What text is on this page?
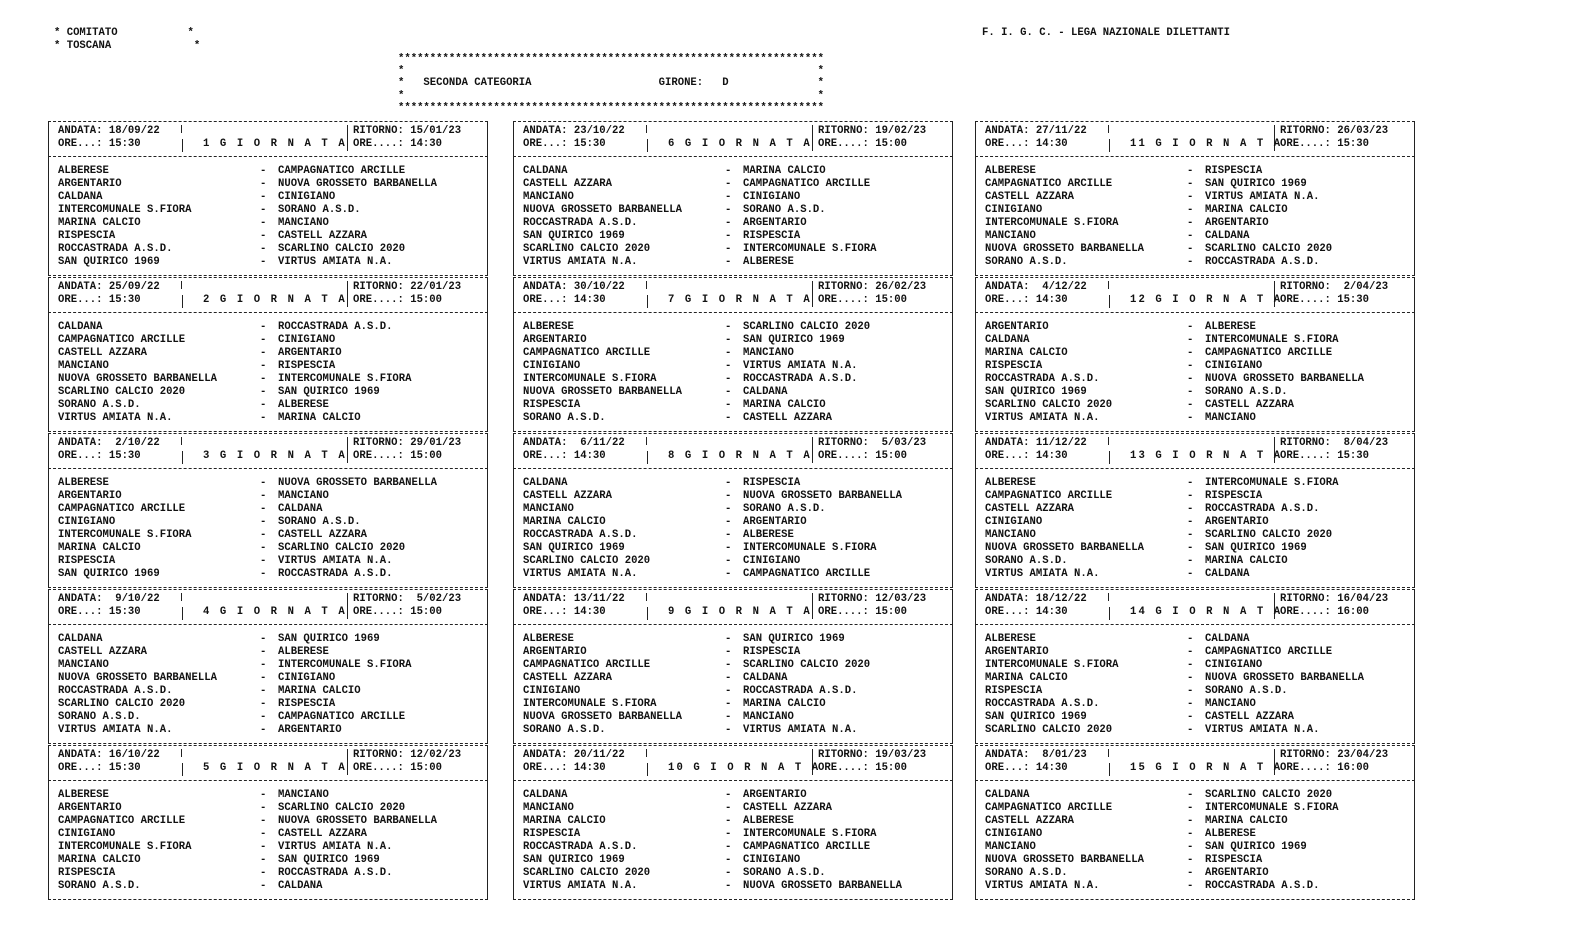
* COMITATO           *
* TOSCANA             *
F. I. G. C. - LEGA NAZIONALE DILETTANTI
*******************************************************************
*                                                                 *
*   SECONDA CATEGORIA                    GIRONE:   D              *
*                                                                 *
*******************************************************************
ANDATA: 18/09/22
ORE...: 15:30	1 G I O R N A T A
RITORNO: 15/01/23
ORE....: 14:30
ALBERESE	- CAMPAGNATICO ARCILLE
ARGENTARIO	- NUOVA GROSSETO BARBANELLA
CALDANA	- CINIGIANO
INTERCOMUNALE S.FIORA	- SORANO A.S.D.
MARINA CALCIO	- MANCIANO
RISPESCIA	- CASTELL AZZARA
ROCCASTRADA A.S.D.	- SCARLINO CALCIO 2020
SAN QUIRICO 1969	- VIRTUS AMIATA N.A.
ANDATA: 25/09/22
ORE...: 15:30	2 G I O R N A T A
RITORNO: 22/01/23
ORE....: 15:00
CALDANA	- ROCCASTRADA A.S.D.
CAMPAGNATICO ARCILLE	- CINIGIANO
CASTELL AZZARA	- ARGENTARIO
MANCIANO	- RISPESCIA
NUOVA GROSSETO BARBANELLA	- INTERCOMUNALE S.FIORA
SCARLINO CALCIO 2020	- SAN QUIRICO 1969
SORANO A.S.D.	- ALBERESE
VIRTUS AMIATA N.A.	- MARINA CALCIO
ANDATA:  2/10/22
ORE...: 15:30	3 G I O R N A T A
RITORNO: 29/01/23
ORE....: 15:00
ALBERESE	- NUOVA GROSSETO BARBANELLA
ARGENTARIO	- MANCIANO
CAMPAGNATICO ARCILLE	- CALDANA
CINIGIANO	- SORANO A.S.D.
INTERCOMUNALE S.FIORA	- CASTELL AZZARA
MARINA CALCIO	- SCARLINO CALCIO 2020
RISPESCIA	- VIRTUS AMIATA N.A.
SAN QUIRICO 1969	- ROCCASTRADA A.S.D.
ANDATA:  9/10/22
ORE...: 15:30	4 G I O R N A T A
RITORNO:  5/02/23
ORE....: 15:00
CALDANA	- SAN QUIRICO 1969
CASTELL AZZARA	- ALBERESE
MANCIANO	- INTERCOMUNALE S.FIORA
NUOVA GROSSETO BARBANELLA	- CINIGIANO
ROCCASTRADA A.S.D.	- MARINA CALCIO
SCARLINO CALCIO 2020	- RISPESCIA
SORANO A.S.D.	- CAMPAGNATICO ARCILLE
VIRTUS AMIATA N.A.	- ARGENTARIO
ANDATA: 16/10/22
ORE...: 15:30	5 G I O R N A T A
RITORNO: 12/02/23
ORE....: 15:00
ALBERESE	- MANCIANO
ARGENTARIO	- SCARLINO CALCIO 2020
CAMPAGNATICO ARCILLE	- NUOVA GROSSETO BARBANELLA
CINIGIANO	- CASTELL AZZARA
INTERCOMUNALE S.FIORA	- VIRTUS AMIATA N.A.
MARINA CALCIO	- SAN QUIRICO 1969
RISPESCIA	- ROCCASTRADA A.S.D.
SORANO A.S.D.	- CALDANA
ANDATA: 23/10/22
ORE...: 15:30	6 G I O R N A T A
RITORNO: 19/02/23
ORE....: 15:00
CALDANA	- MARINA CALCIO
CASTELL AZZARA	- CAMPAGNATICO ARCILLE
MANCIANO	- CINIGIANO
NUOVA GROSSETO BARBANELLA	- SORANO A.S.D.
ROCCASTRADA A.S.D.	- ARGENTARIO
SAN QUIRICO 1969	- RISPESCIA
SCARLINO CALCIO 2020	- INTERCOMUNALE S.FIORA
VIRTUS AMIATA N.A.	- ALBERESE
ANDATA: 30/10/22
ORE...: 14:30	7 G I O R N A T A
RITORNO: 26/02/23
ORE....: 15:00
ALBERESE	- SCARLINO CALCIO 2020
ARGENTARIO	- SAN QUIRICO 1969
CAMPAGNATICO ARCILLE	- MANCIANO
CINIGIANO	- VIRTUS AMIATA N.A.
INTERCOMUNALE S.FIORA	- ROCCASTRADA A.S.D.
NUOVA GROSSETO BARBANELLA	- CALDANA
RISPESCIA	- MARINA CALCIO
SORANO A.S.D.	- CASTELL AZZARA
ANDATA:  6/11/22
ORE...: 14:30	8 G I O R N A T A
RITORNO:  5/03/23
ORE....: 15:00
CALDANA	- RISPESCIA
CASTELL AZZARA	- NUOVA GROSSETO BARBANELLA
MANCIANO	- SORANO A.S.D.
MARINA CALCIO	- ARGENTARIO
ROCCASTRADA A.S.D.	- ALBERESE
SAN QUIRICO 1969	- INTERCOMUNALE S.FIORA
SCARLINO CALCIO 2020	- CINIGIANO
VIRTUS AMIATA N.A.	- CAMPAGNATICO ARCILLE
ANDATA: 13/11/22
ORE...: 14:30	9 G I O R N A T A
RITORNO: 12/03/23
ORE....: 15:00
ALBERESE	- SAN QUIRICO 1969
ARGENTARIO	- RISPESCIA
CAMPAGNATICO ARCILLE	- SCARLINO CALCIO 2020
CASTELL AZZARA	- CALDANA
CINIGIANO	- ROCCASTRADA A.S.D.
INTERCOMUNALE S.FIORA	- MARINA CALCIO
NUOVA GROSSETO BARBANELLA	- MANCIANO
SORANO A.S.D.	- VIRTUS AMIATA N.A.
ANDATA: 20/11/22
ORE...: 14:30	10 G I O R N A T A
RITORNO: 19/03/23
ORE....: 15:00
CALDANA	- ARGENTARIO
MANCIANO	- CASTELL AZZARA
MARINA CALCIO	- ALBERESE
RISPESCIA	- INTERCOMUNALE S.FIORA
ROCCASTRADA A.S.D.	- CAMPAGNATICO ARCILLE
SAN QUIRICO 1969	- CINIGIANO
SCARLINO CALCIO 2020	- SORANO A.S.D.
VIRTUS AMIATA N.A.	- NUOVA GROSSETO BARBANELLA
ANDATA: 27/11/22
ORE...: 14:30	11 G I O R N A T A
RITORNO: 26/03/23
ORE....: 15:30
ALBERESE	- RISPESCIA
CAMPAGNATICO ARCILLE	- SAN QUIRICO 1969
CASTELL AZZARA	- VIRTUS AMIATA N.A.
CINIGIANO	- MARINA CALCIO
INTERCOMUNALE S.FIORA	- ARGENTARIO
MANCIANO	- CALDANA
NUOVA GROSSETO BARBANELLA	- SCARLINO CALCIO 2020
SORANO A.S.D.	- ROCCASTRADA A.S.D.
ANDATA:  4/12/22
ORE...: 14:30	12 G I O R N A T A
RITORNO:  2/04/23
ORE....: 15:30
ARGENTARIO	- ALBERESE
CALDANA	- INTERCOMUNALE S.FIORA
MARINA CALCIO	- CAMPAGNATICO ARCILLE
RISPESCIA	- CINIGIANO
ROCCASTRADA A.S.D.	- NUOVA GROSSETO BARBANELLA
SAN QUIRICO 1969	- SORANO A.S.D.
SCARLINO CALCIO 2020	- CASTELL AZZARA
VIRTUS AMIATA N.A.	- MANCIANO
ANDATA: 11/12/22
ORE...: 14:30	13 G I O R N A T A
RITORNO:  8/04/23
ORE....: 15:30
ALBERESE	- INTERCOMUNALE S.FIORA
CAMPAGNATICO ARCILLE	- RISPESCIA
CASTELL AZZARA	- ROCCASTRADA A.S.D.
CINIGIANO	- ARGENTARIO
MANCIANO	- SCARLINO CALCIO 2020
NUOVA GROSSETO BARBANELLA	- SAN QUIRICO 1969
SORANO A.S.D.	- MARINA CALCIO
VIRTUS AMIATA N.A.	- CALDANA
ANDATA: 18/12/22
ORE...: 14:30	14 G I O R N A T A
RITORNO: 16/04/23
ORE....: 16:00
ALBERESE	- CALDANA
ARGENTARIO	- CAMPAGNATICO ARCILLE
INTERCOMUNALE S.FIORA	- CINIGIANO
MARINA CALCIO	- NUOVA GROSSETO BARBANELLA
RISPESCIA	- SORANO A.S.D.
ROCCASTRADA A.S.D.	- MANCIANO
SAN QUIRICO 1969	- CASTELL AZZARA
SCARLINO CALCIO 2020	- VIRTUS AMIATA N.A.
ANDATA:  8/01/23
ORE...: 14:30	15 G I O R N A T A
RITORNO: 23/04/23
ORE....: 16:00
CALDANA	- SCARLINO CALCIO 2020
CAMPAGNATICO ARCILLE	- INTERCOMUNALE S.FIORA
CASTELL AZZARA	- MARINA CALCIO
CINIGIANO	- ALBERESE
MANCIANO	- SAN QUIRICO 1969
NUOVA GROSSETO BARBANELLA	- RISPESCIA
SORANO A.S.D.	- ARGENTARIO
VIRTUS AMIATA N.A.	- ROCCASTRADA A.S.D.
